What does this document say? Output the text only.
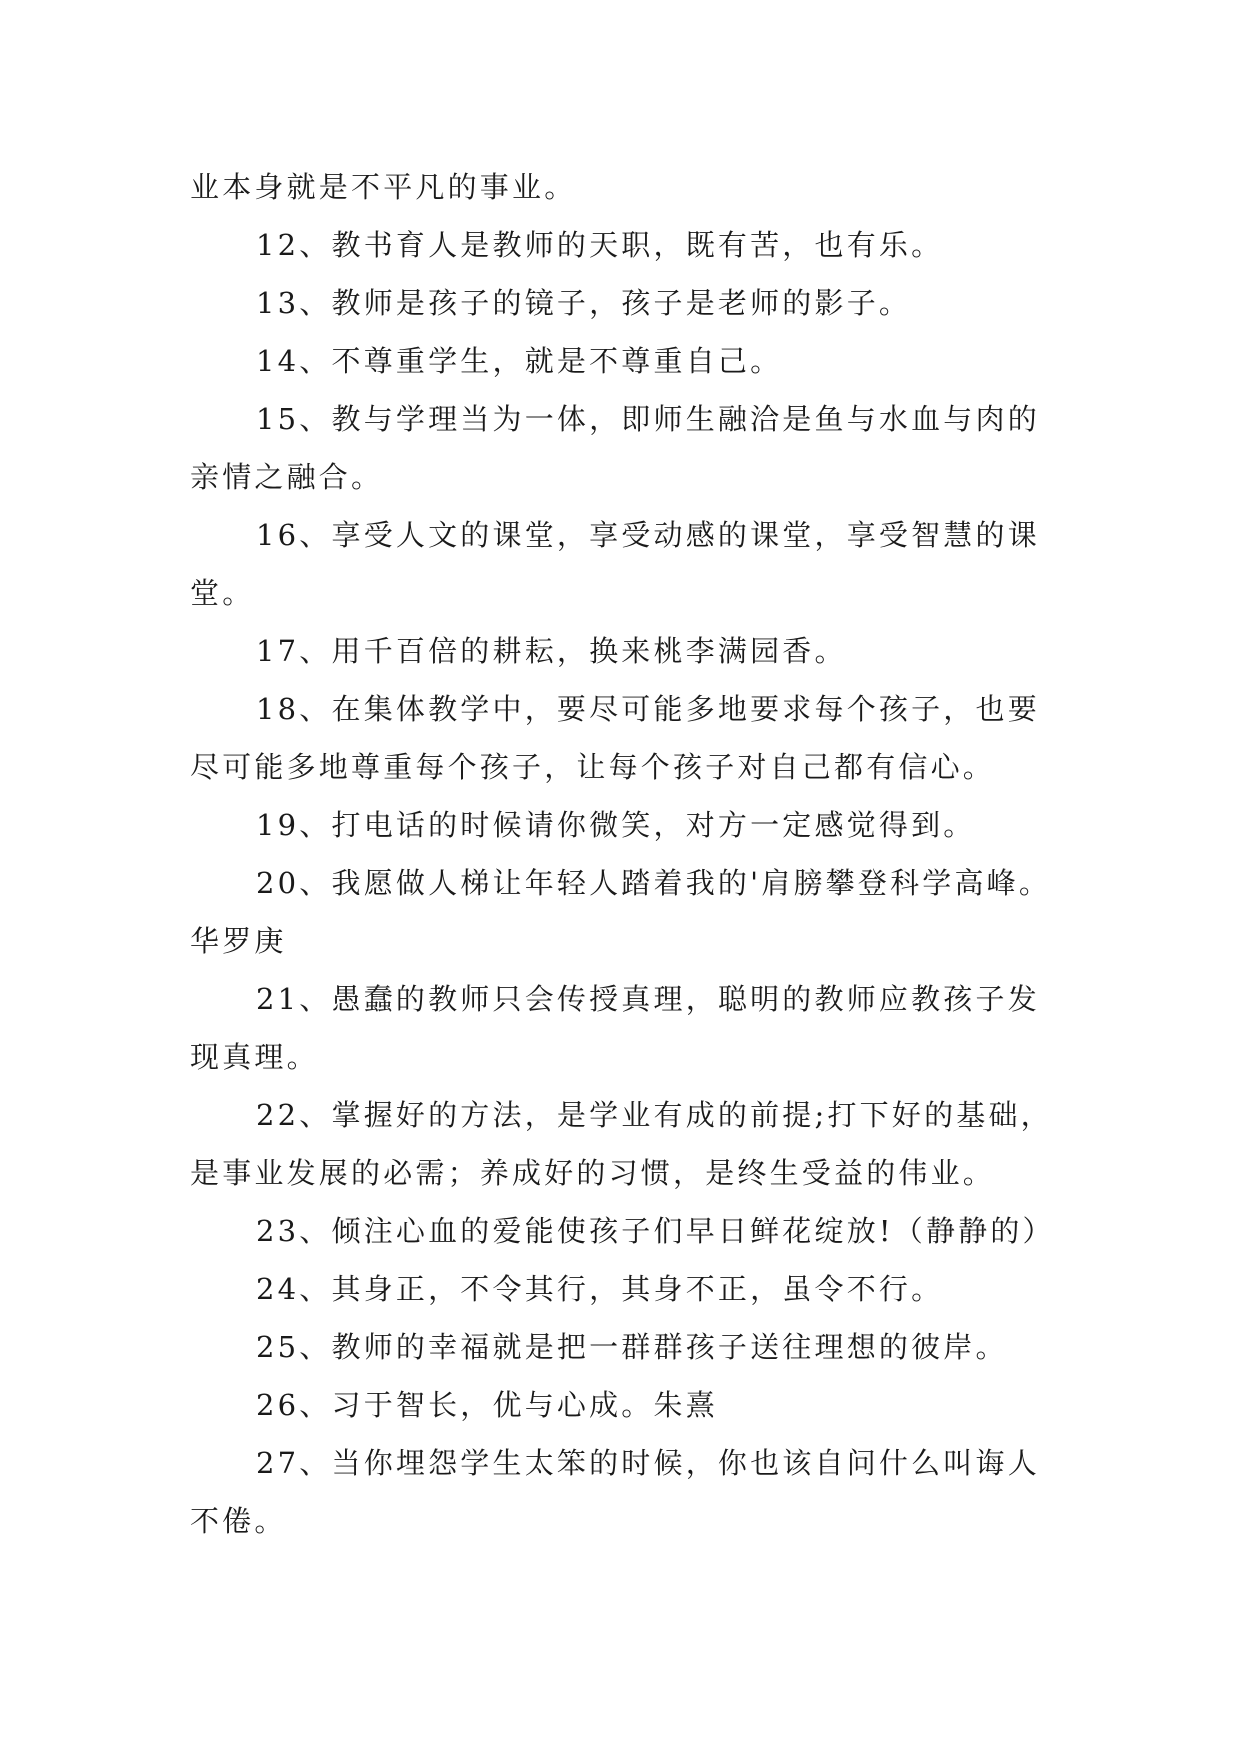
业本身就是不平凡的事业。
12、教书育人是教师的天职，既有苦，也有乐。
13、教师是孩子的镜子，孩子是老师的影子。
14、不尊重学生，就是不尊重自己。
15、教与学理当为一体，即师生融洽是鱼与水血与肉的
亲情之融合。
16、享受人文的课堂，享受动感的课堂，享受智慧的课
堂。
17、用千百倍的耕耘，换来桃李满园香。
18、在集体教学中，要尽可能多地要求每个孩子，也要
尽可能多地尊重每个孩子，让每个孩子对自己都有信心。
19、打电话的时候请你微笑，对方一定感觉得到。
20、我愿做人梯让年轻人踏着我的'肩膀攀登科学高峰。
华罗庚
21、愚蠢的教师只会传授真理，聪明的教师应教孩子发
现真理。
22、掌握好的方法，是学业有成的前提;打下好的基础，
是事业发展的必需；养成好的习惯，是终生受益的伟业。
23、倾注心血的爱能使孩子们早日鲜花绽放!（静静的）
24、其身正，不令其行，其身不正，虽令不行。
25、教师的幸福就是把一群群孩子送往理想的彼岸。
26、习于智长，优与心成。朱熹
27、当你埋怨学生太笨的时候，你也该自问什么叫诲人
不倦。
